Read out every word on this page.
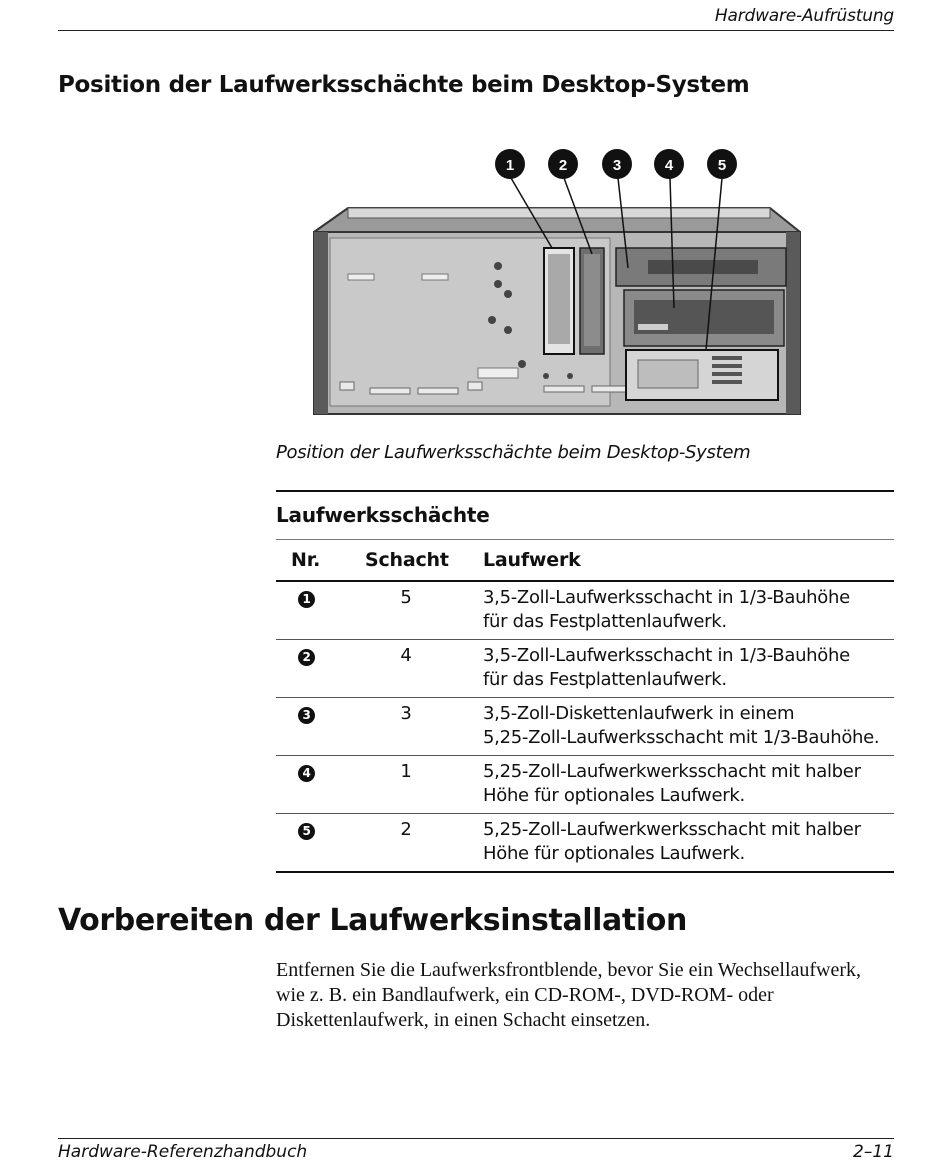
Hardware-Aufrüstung
Position der Laufwerksschächte beim Desktop-System
1	2	3	4	5
Position der Laufwerksschächte beim Desktop-System
Laufwerksschächte
Nr.	Schacht	Laufwerk
1	5	3,5-Zoll-Laufwerksschacht in 1/3-Bauhöhe
für das Festplattenlaufwerk.

2	4	3,5-Zoll-Laufwerksschacht in 1/3-Bauhöhe
für das Festplattenlaufwerk.

3	3	3,5-Zoll-Diskettenlaufwerk in einem
5,25-Zoll-Laufwerksschacht mit 1/3-Bauhöhe.

4	1	5,25-Zoll-Laufwerkwerksschacht mit halber
Höhe für optionales Laufwerk.

5	2	5,25-Zoll-Laufwerkwerksschacht mit halber
Höhe für optionales Laufwerk.
Vorbereiten der Laufwerksinstallation

Entfernen Sie die Laufwerksfrontblende, bevor Sie ein Wechsellaufwerk, wie z. B. ein Bandlaufwerk, ein CD-ROM-, DVD-ROM- oder Diskettenlaufwerk, in einen Schacht einsetzen.

Hardware-Referenzhandbuch	2–11
